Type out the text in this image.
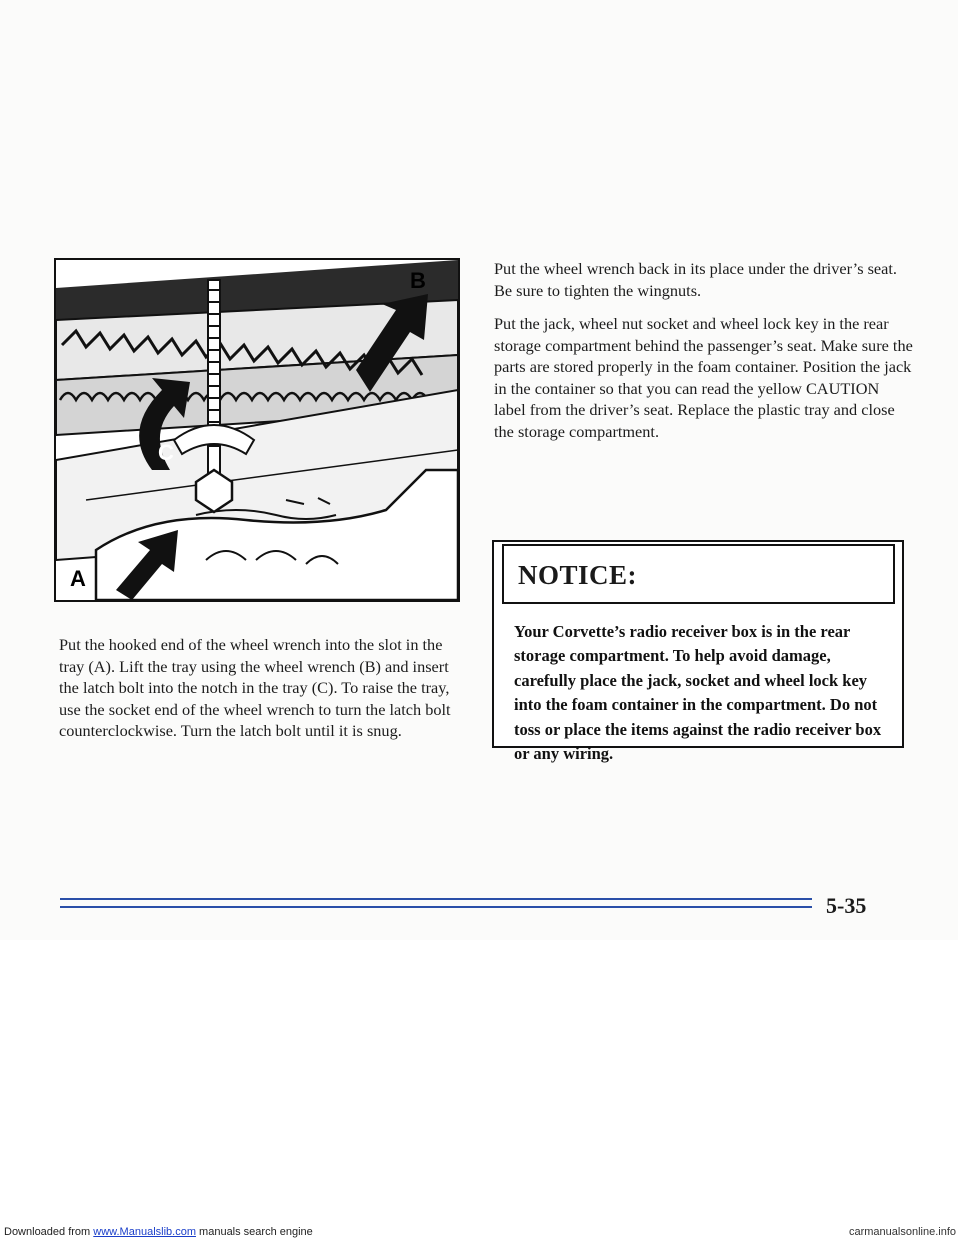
B
C
A

Put the hooked end of the wheel wrench into the slot in the tray (A). Lift the tray using the wheel wrench (B) and insert the latch bolt into the notch in the tray (C). To raise the tray, use the socket end of the wheel wrench to turn the latch bolt counterclockwise. Turn the latch bolt until it is snug.

Put the wheel wrench back in its place under the driver’s seat. Be sure to tighten the wingnuts.

Put the jack, wheel nut socket and wheel lock key in the rear storage compartment behind the passenger’s seat. Make sure the parts are stored properly in the foam container. Position the jack in the container so that you can read the yellow CAUTION label from the driver’s seat. Replace the plastic tray and close the storage compartment.

NOTICE:
Your Corvette’s radio receiver box is in the rear storage compartment. To help avoid damage, carefully place the jack, socket and wheel lock key into the foam container in the compartment. Do not toss or place the items against the radio receiver box or any wiring.
5-35
Downloaded from www.Manualslib.com manuals search engine	carmanualsonline.info
